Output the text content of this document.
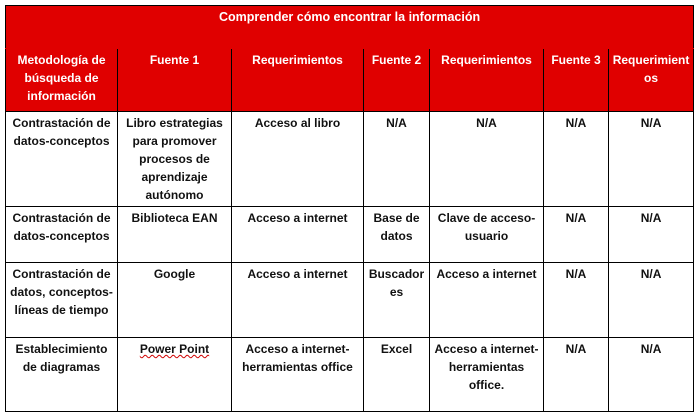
Comprender cómo encontrar la información						
Metodología de búsqueda de información	Fuente 1	Requerimientos	Fuente 2	Requerimientos	Fuente 3	Requerimientos
Contrastación de datos-conceptos	Libro estrategias para promover procesos de aprendizaje autónomo	Acceso al libro	N/A	N/A	N/A	N/A
Contrastación de datos-conceptos	Biblioteca EAN	Acceso a internet	Base de datos	Clave de acceso-usuario	N/A	N/A
Contrastación de datos, conceptos-líneas de tiempo	Google	Acceso a internet	Buscadores	Acceso a internet	N/A	N/A
Establecimiento de diagramas	Power Point	Acceso a internet-herramientas office	Excel	Acceso a internet-herramientas office.	N/A	N/A
